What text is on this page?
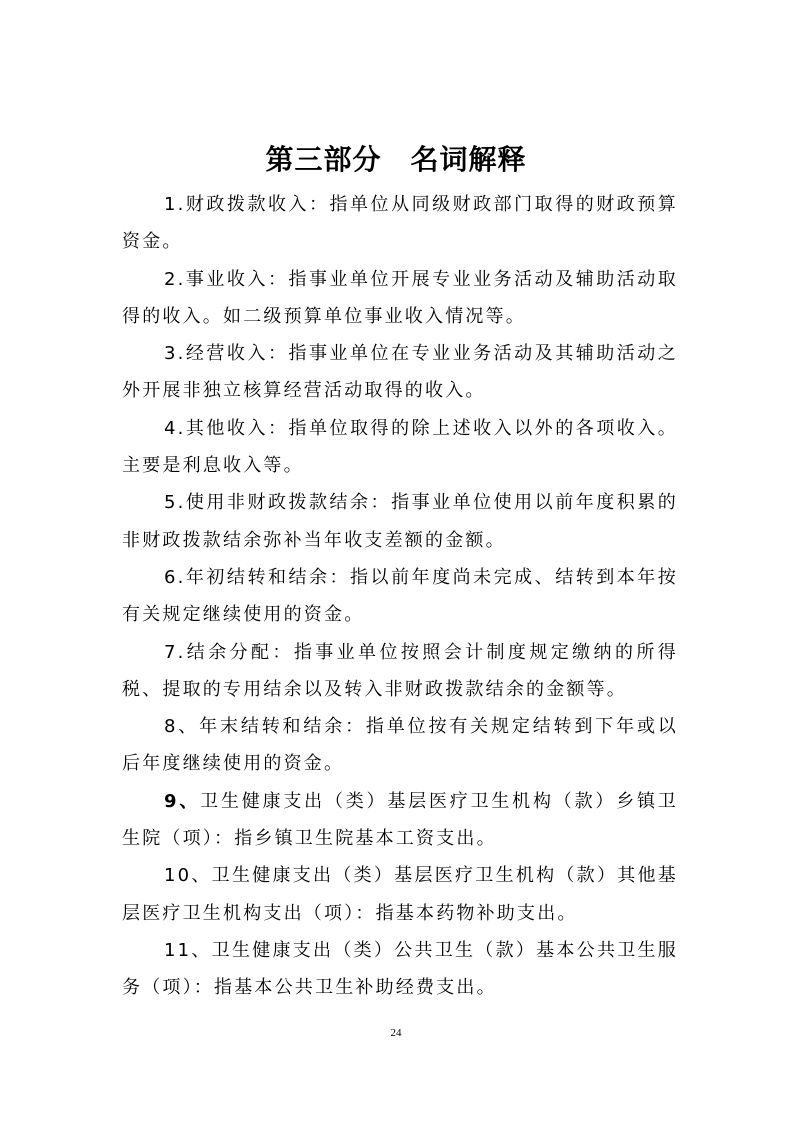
第三部分　名词解释

1.财政拨款收入：指单位从同级财政部门取得的财政预算资金。

2.事业收入：指事业单位开展专业业务活动及辅助活动取得的收入。如二级预算单位事业收入情况等。

3.经营收入：指事业单位在专业业务活动及其辅助活动之外开展非独立核算经营活动取得的收入。

4.其他收入：指单位取得的除上述收入以外的各项收入。主要是利息收入等。

5.使用非财政拨款结余：指事业单位使用以前年度积累的非财政拨款结余弥补当年收支差额的金额。

6.年初结转和结余：指以前年度尚未完成、结转到本年按有关规定继续使用的资金。

7.结余分配：指事业单位按照会计制度规定缴纳的所得税、提取的专用结余以及转入非财政拨款结余的金额等。

8、年末结转和结余：指单位按有关规定结转到下年或以后年度继续使用的资金。

9、卫生健康支出（类）基层医疗卫生机构（款）乡镇卫生院（项）：指乡镇卫生院基本工资支出。

10、卫生健康支出（类）基层医疗卫生机构（款）其他基层医疗卫生机构支出（项）：指基本药物补助支出。

11、卫生健康支出（类）公共卫生（款）基本公共卫生服务（项）：指基本公共卫生补助经费支出。

24
